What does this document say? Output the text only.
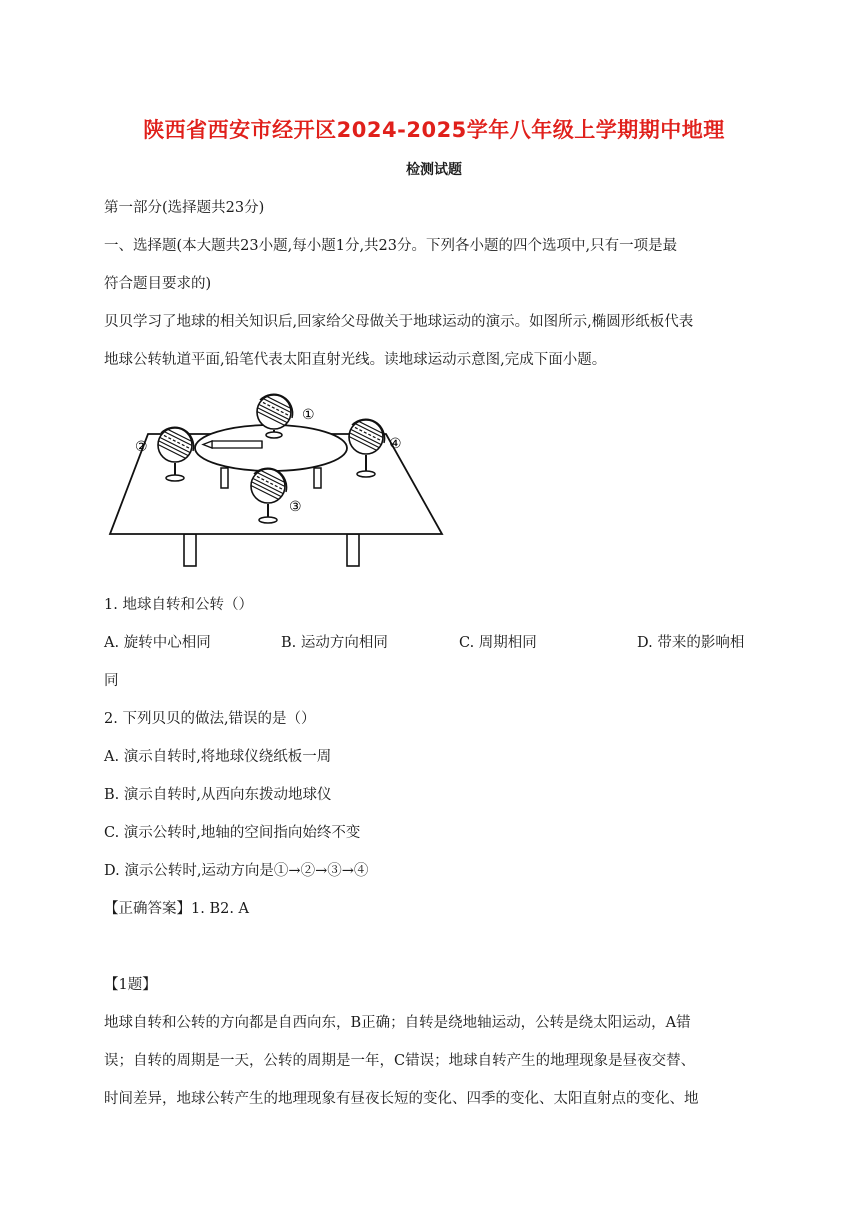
陕西省西安市经开区2024-2025学年八年级上学期期中地理
检测试题
第一部分(选择题共23分)
一、选择题(本大题共23小题,每小题1分,共23分。下列各小题的四个选项中,只有一项是最
符合题目要求的)
贝贝学习了地球的相关知识后,回家给父母做关于地球运动的演示。如图所示,椭圆形纸板代表
地球公转轨道平面,铅笔代表太阳直射光线。读地球运动示意图,完成下面小题。
①
②
③
④
1. 地球自转和公转（）
A. 旋转中心相同	B. 运动方向相同	C. 周期相同	D. 带来的影响相
同
2. 下列贝贝的做法,错误的是（）
A. 演示自转时,将地球仪绕纸板一周
B. 演示自转时,从西向东拨动地球仪
C. 演示公转时,地轴的空间指向始终不变
D. 演示公转时,运动方向是①→②→③→④
【正确答案】1. B2. A
【1题】
地球自转和公转的方向都是自西向东，B正确；自转是绕地轴运动，公转是绕太阳运动，A错
误；自转的周期是一天，公转的周期是一年，C错误；地球自转产生的地理现象是昼夜交替、
时间差异，地球公转产生的地理现象有昼夜长短的变化、四季的变化、太阳直射点的变化、地
